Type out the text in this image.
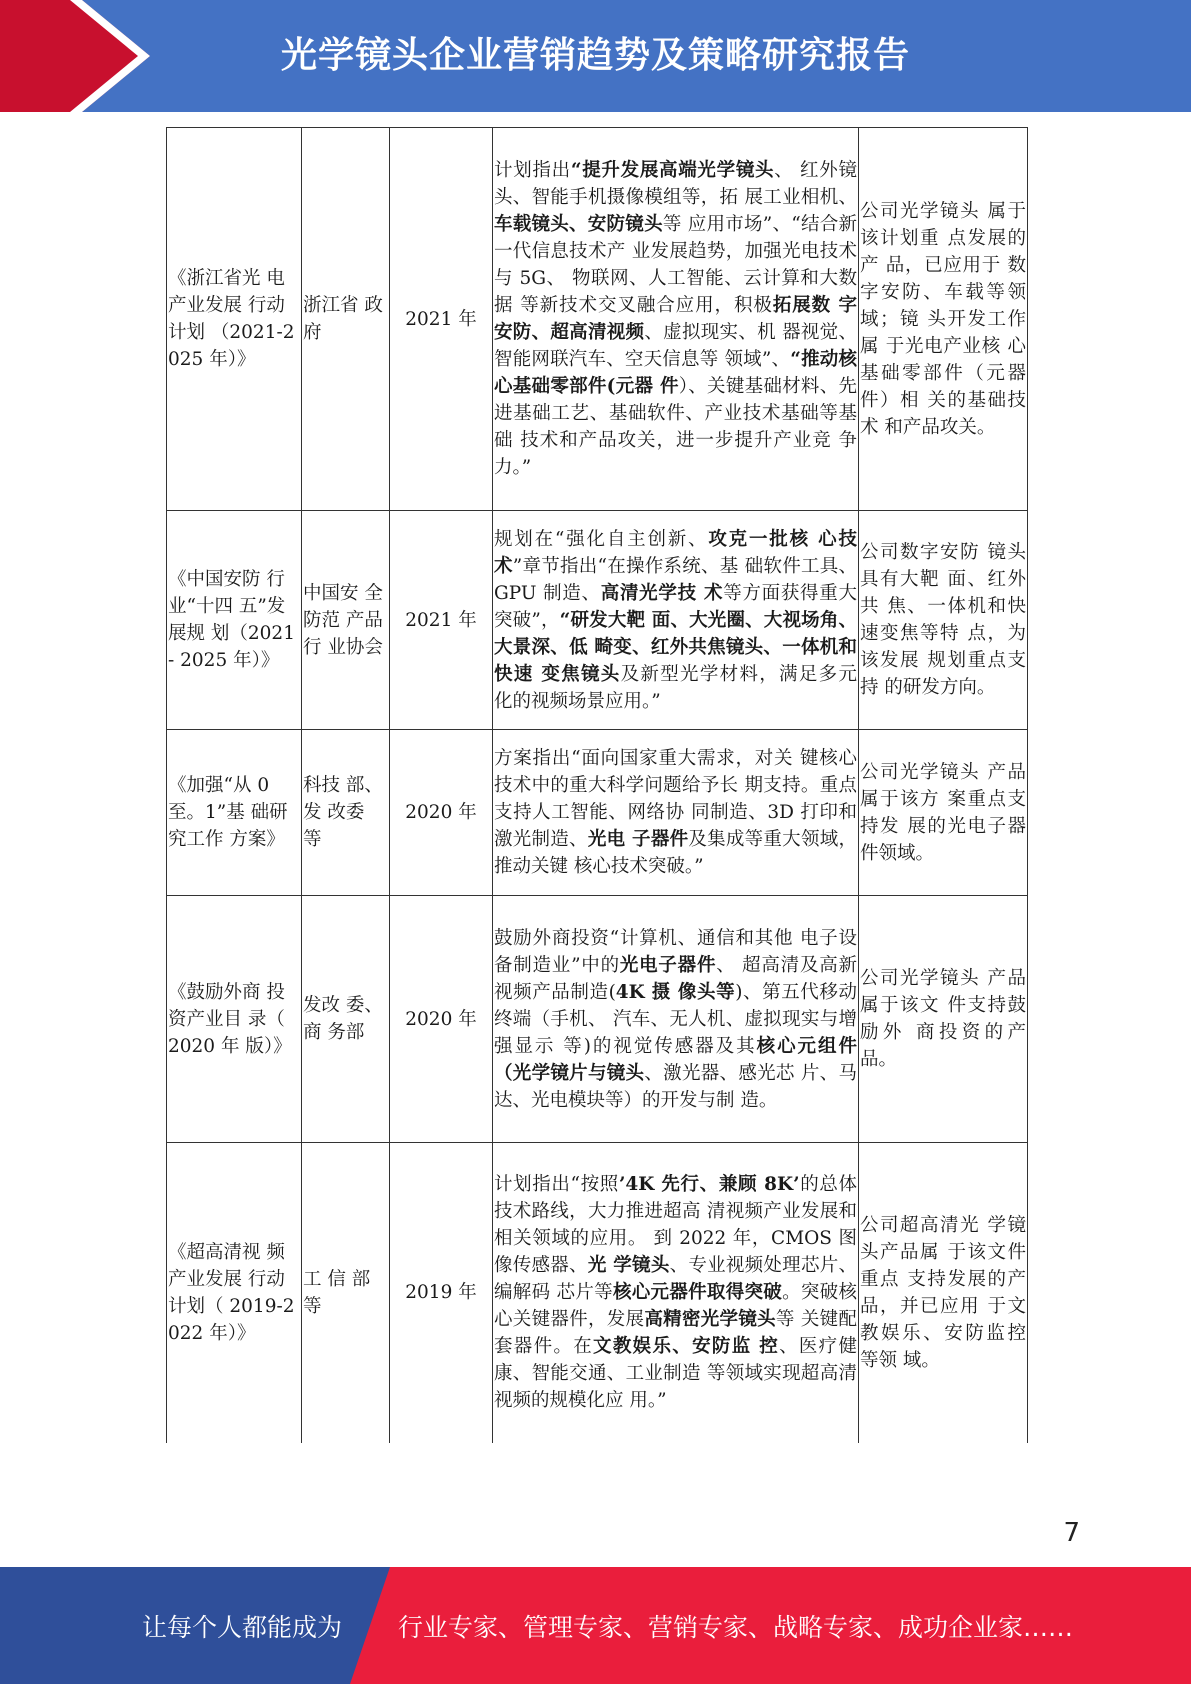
光学镜头企业营销趋势及策略研究报告
《浙江省光 电产业发展 行动计划 （2021-2025 年）》	浙江省 政府	2021 年	计划指出“提升发展高端光学镜头、 红外镜头、智能手机摄像模组等，拓 展工业相机、车载镜头、安防镜头等 应用市场”、“结合新一代信息技术产 业发展趋势，加强光电技术与 5G、 物联网、人工智能、云计算和大数据 等新技术交叉融合应用，积极拓展数 字安防、超高清视频、虚拟现实、机 器视觉、智能网联汽车、空天信息等 领域”、“推动核心基础零部件(元器 件）、关键基础材料、先进基础工艺、基础软件、产业技术基础等基础 技术和产品攻关，进一步提升产业竞 争力。”	公司光学镜头 属于该计划重 点发展的产 品，已应用于 数字安防、车载等领域；镜 头开发工作属 于光电产业核 心基础零部件（元器件）相 关的基础技术 和产品攻关。
《中国安防 行业“十四 五”发展规 划（2021- 2025 年）》	中国安 全防范 产品行 业协会	2021 年	规划在“强化自主创新、攻克一批核 心技术”章节指出“在操作系统、基 础软件工具、GPU 制造、高清光学技 术等方面获得重大突破”，“研发大靶 面、大光圈、大视场角、大景深、低 畸变、红外共焦镜头、一体机和快速 变焦镜头及新型光学材料，满足多元 化的视频场景应用。”	公司数字安防 镜头具有大靶 面、红外共 焦、一体机和快速变焦等特 点，为该发展 规划重点支持 的研发方向。
《加强“从 0 至。1”基 础研究工作 方案》	科技 部、发 改委 等	2020 年	方案指出“面向国家重大需求，对关 键核心技术中的重大科学问题给予长 期支持。重点支持人工智能、网络协 同制造、3D 打印和激光制造、光电 子器件及集成等重大领域，推动关键 核心技术突破。”	公司光学镜头 产品属于该方 案重点支持发 展的光电子器 件领域。
《鼓励外商 投资产业目 录（ 2020 年 版）》	发改 委、商 务部	2020 年	鼓励外商投资“计算机、通信和其他 电子设备制造业”中的光电子器件、 超高清及高新视频产品制造(4K 摄 像头等)、第五代移动终端（手机、 汽车、无人机、虚拟现实与增强显示 等)的视觉传感器及其核心元组件（光学镜片与镜头、激光器、感光芯 片、马达、光电模块等）的开发与制 造。	公司光学镜头 产品属于该文 件支持鼓励外 商投资的产 品。
《超高清视 频产业发展 行动计划（ 2019-2022 年）》	工 信 部 等	2019 年	计划指出“按照’4K 先行、兼顾 8K’的总体技术路线，大力推进超高 清视频产业发展和相关领域的应用。 到 2022 年，CMOS 图像传感器、光 学镜头、专业视频处理芯片、编解码 芯片等核心元器件取得突破。突破核 心关键器件，发展高精密光学镜头等 关键配套器件。在文教娱乐、安防监 控、医疗健康、智能交通、工业制造 等领域实现超高清视频的规模化应 用。”	公司超高清光 学镜头产品属 于该文件重点 支持发展的产 品，并已应用 于文教娱乐、安防监控等领 域。
7
让每个人都能成为 行业专家、管理专家、营销专家、战略专家、成功企业家……
